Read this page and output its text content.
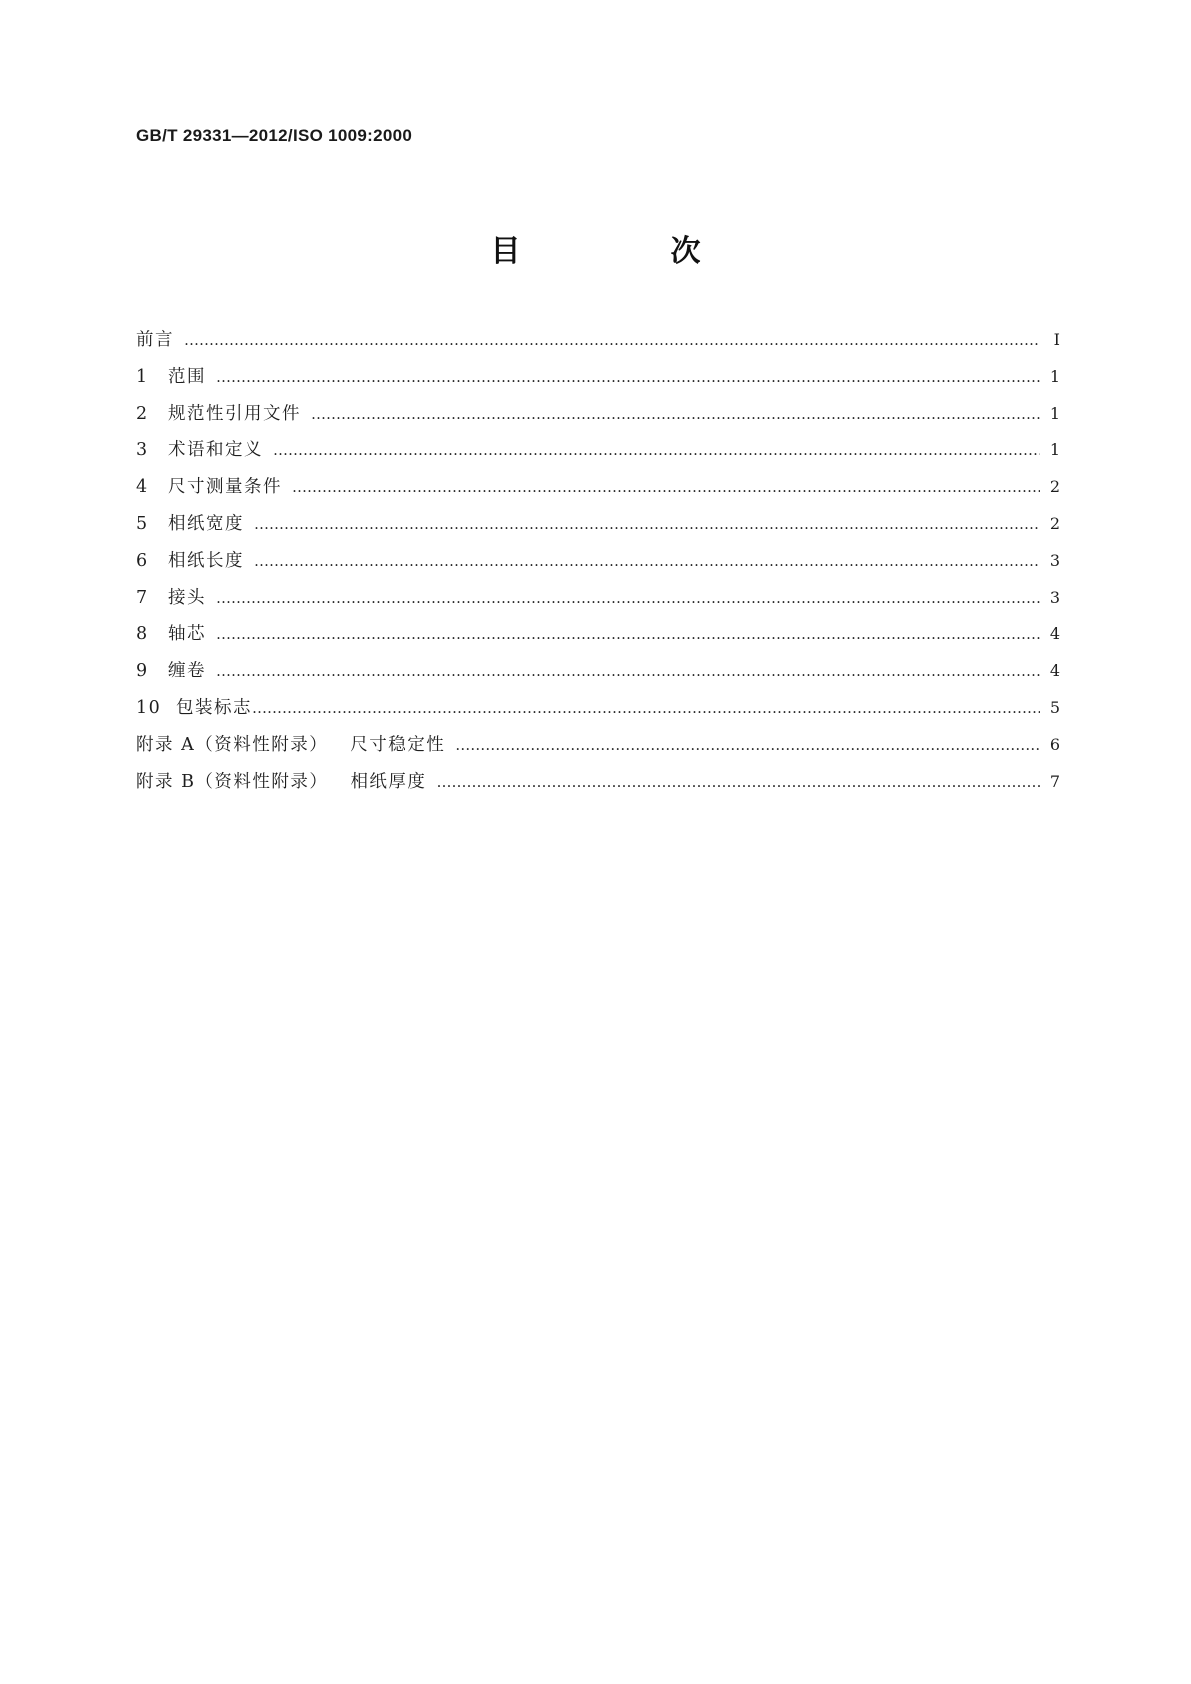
GB/T 29331—2012/ISO 1009:2000
目　次
前言 …………………………………………………………………………………………………………………………………………………………………………………………………………………………	Ⅰ
1	范围 …………………………………………………………………………………………………………………………………………………………………………………………………………………………	1
2	规范性引用文件 …………………………………………………………………………………………………………………………………………………………………………………………………………………………	1
3	术语和定义 …………………………………………………………………………………………………………………………………………………………………………………………………………………………	1
4	尺寸测量条件 …………………………………………………………………………………………………………………………………………………………………………………………………………………………	2
5	相纸宽度 …………………………………………………………………………………………………………………………………………………………………………………………………………………………	2
6	相纸长度 …………………………………………………………………………………………………………………………………………………………………………………………………………………………	3
7	接头 …………………………………………………………………………………………………………………………………………………………………………………………………………………………	3
8	轴芯 …………………………………………………………………………………………………………………………………………………………………………………………………………………………	4
9	缠卷 …………………………………………………………………………………………………………………………………………………………………………………………………………………………	4
10 包装标志 …………………………………………………………………………………………………………………………………………………………………………………………………………………………	5
附录 A（资料性附录） 尺寸稳定性 …………………………………………………………………………………………………………………………………………………………………………………………………………………………	6
附录 B（资料性附录） 相纸厚度 …………………………………………………………………………………………………………………………………………………………………………………………………………………………	7
